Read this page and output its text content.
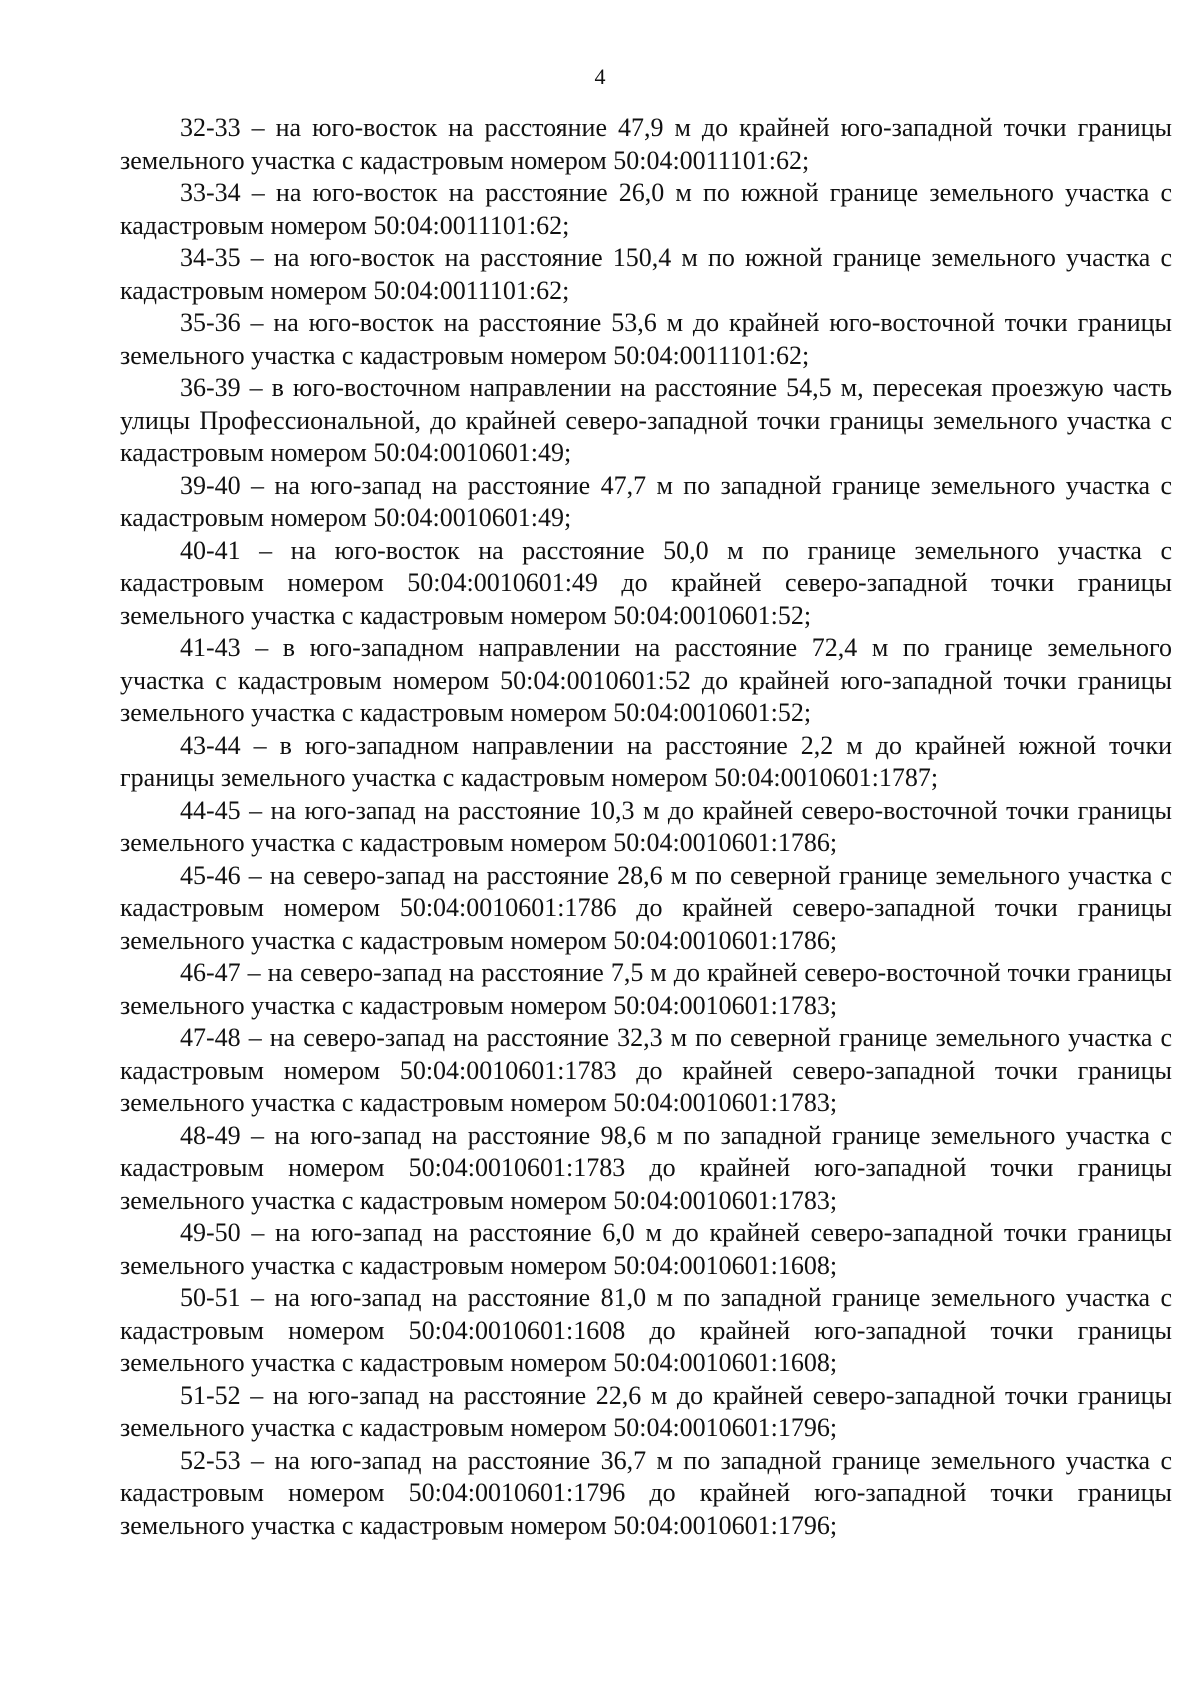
4

32-33 – на юго-восток на расстояние 47,9 м до крайней юго-западной точки границы земельного участка с кадастровым номером 50:04:0011101:62;

33-34 – на юго-восток на расстояние 26,0 м по южной границе земельного участка с кадастровым номером 50:04:0011101:62;

34-35 – на юго-восток на расстояние 150,4 м по южной границе земельного участка с кадастровым номером 50:04:0011101:62;

35-36 – на юго-восток на расстояние 53,6 м до крайней юго-восточной точки границы земельного участка с кадастровым номером 50:04:0011101:62;

36-39 – в юго-восточном направлении на расстояние 54,5 м, пересекая проезжую часть улицы Профессиональной, до крайней северо-западной точки границы земельного участка с кадастровым номером 50:04:0010601:49;

39-40 – на юго-запад на расстояние 47,7 м по западной границе земельного участка с кадастровым номером 50:04:0010601:49;

40-41 – на юго-восток на расстояние 50,0 м по границе земельного участка с кадастровым номером 50:04:0010601:49 до крайней северо-западной точки границы земельного участка с кадастровым номером 50:04:0010601:52;

41-43 – в юго-западном направлении на расстояние 72,4 м по границе земельного участка с кадастровым номером 50:04:0010601:52 до крайней юго-западной точки границы земельного участка с кадастровым номером 50:04:0010601:52;

43-44 – в юго-западном направлении на расстояние 2,2 м до крайней южной точки границы земельного участка с кадастровым номером 50:04:0010601:1787;

44-45 – на юго-запад на расстояние 10,3 м до крайней северо-восточной точки границы земельного участка с кадастровым номером 50:04:0010601:1786;

45-46 – на северо-запад на расстояние 28,6 м по северной границе земельного участка с кадастровым номером 50:04:0010601:1786 до крайней северо-западной точки границы земельного участка с кадастровым номером 50:04:0010601:1786;

46-47 – на северо-запад на расстояние 7,5 м до крайней северо-восточной точки границы земельного участка с кадастровым номером 50:04:0010601:1783;

47-48 – на северо-запад на расстояние 32,3 м по северной границе земельного участка с кадастровым номером 50:04:0010601:1783 до крайней северо-западной точки границы земельного участка с кадастровым номером 50:04:0010601:1783;

48-49 – на юго-запад на расстояние 98,6 м по западной границе земельного участка с кадастровым номером 50:04:0010601:1783 до крайней юго-западной точки границы земельного участка с кадастровым номером 50:04:0010601:1783;

49-50 – на юго-запад на расстояние 6,0 м до крайней северо-западной точки границы земельного участка с кадастровым номером 50:04:0010601:1608;

50-51 – на юго-запад на расстояние 81,0 м по западной границе земельного участка с кадастровым номером 50:04:0010601:1608 до крайней юго-западной точки границы земельного участка с кадастровым номером 50:04:0010601:1608;

51-52 – на юго-запад на расстояние 22,6 м до крайней северо-западной точки границы земельного участка с кадастровым номером 50:04:0010601:1796;

52-53 – на юго-запад на расстояние 36,7 м по западной границе земельного участка с кадастровым номером 50:04:0010601:1796 до крайней юго-западной точки границы земельного участка с кадастровым номером 50:04:0010601:1796;
